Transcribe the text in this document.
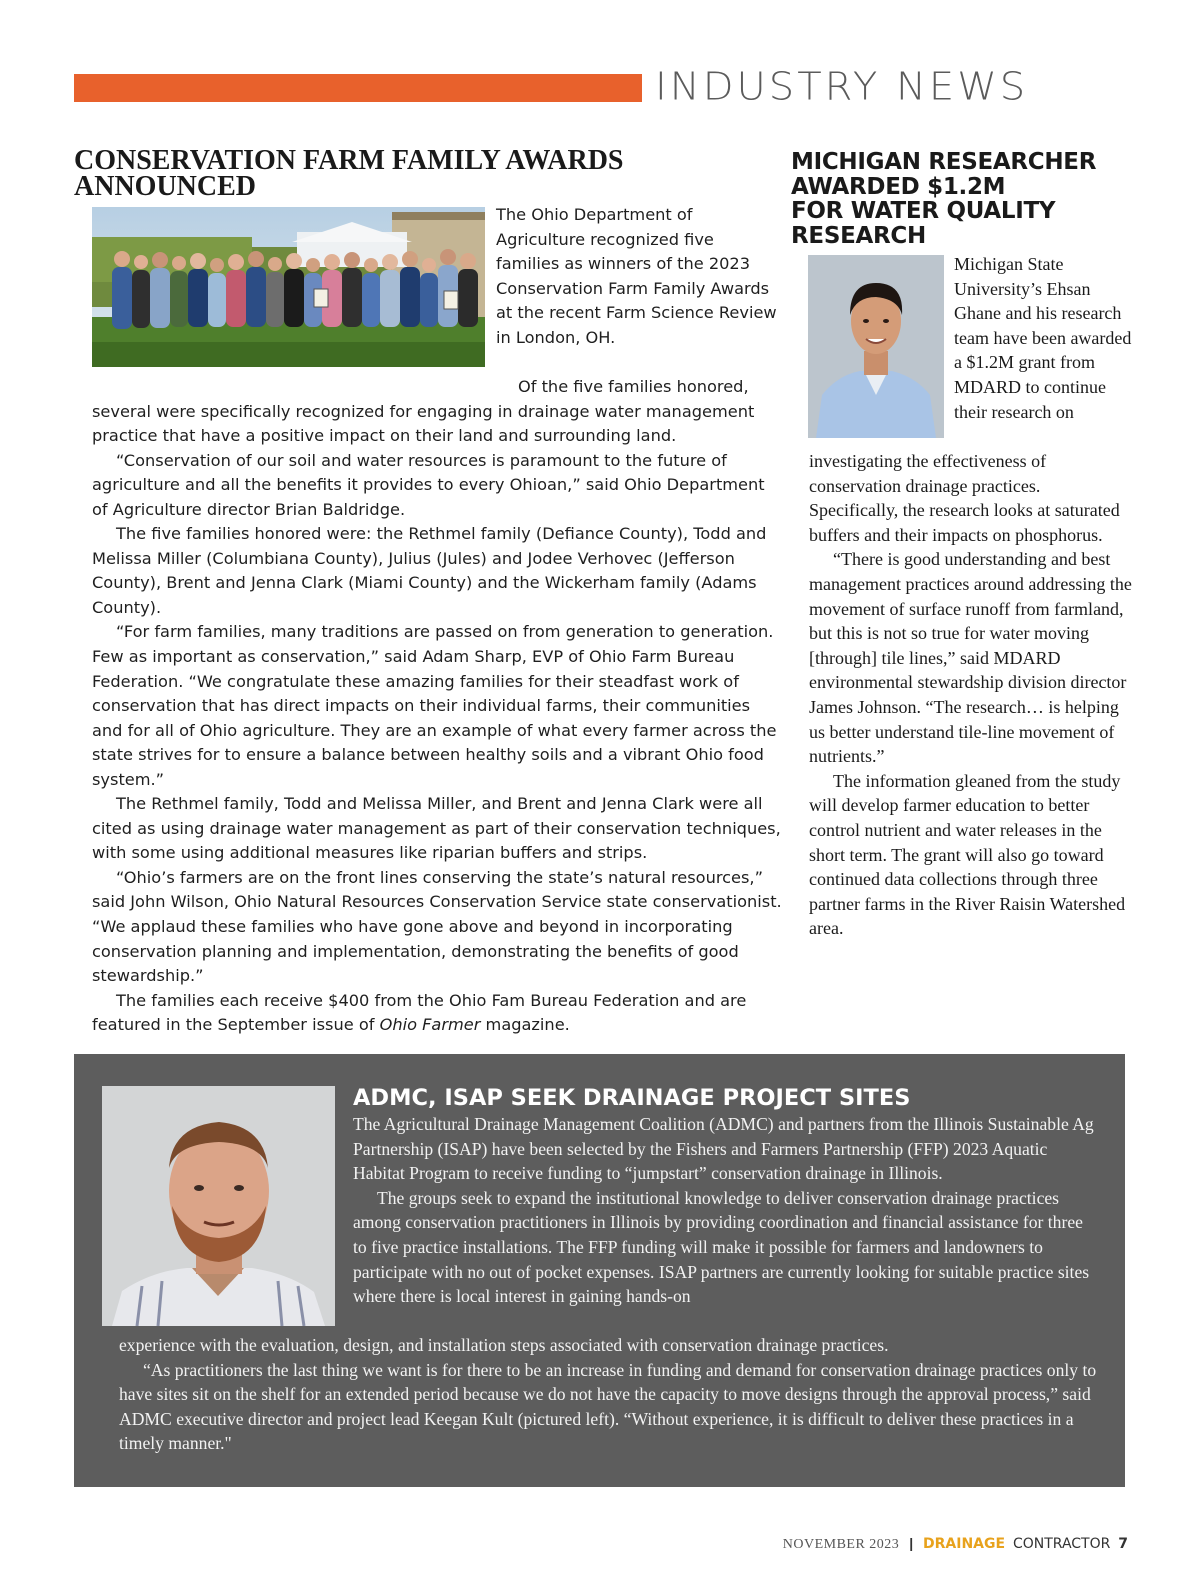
INDUSTRY NEWS
CONSERVATION FARM FAMILY AWARDS ANNOUNCED

The Ohio Department of Agriculture recognized five families as winners of the 2023 Conservation Farm Family Awards at the recent Farm Science Review in London, OH.

Of the five families honored, several were specifically recognized for engaging in drainage water management practice that have a positive impact on their land and surrounding land.

“Conservation of our soil and water resources is paramount to the future of agriculture and all the benefits it provides to every Ohioan,” said Ohio Department of Agriculture director Brian Baldridge.

The five families honored were: the Rethmel family (Defiance County), Todd and Melissa Miller (Columbiana County), Julius (Jules) and Jodee Verhovec (Jefferson County), Brent and Jenna Clark (Miami County) and the Wickerham family (Adams County).

“For farm families, many traditions are passed on from generation to generation. Few as important as conservation,” said Adam Sharp, EVP of Ohio Farm Bureau Federation. “We congratulate these amazing families for their steadfast work of conservation that has direct impacts on their individual farms, their communities and for all of Ohio agriculture. They are an example of what every farmer across the state strives for to ensure a balance between healthy soils and a vibrant Ohio food system.”

The Rethmel family, Todd and Melissa Miller, and Brent and Jenna Clark were all cited as using drainage water management as part of their conservation techniques, with some using additional measures like riparian buffers and strips.

“Ohio’s farmers are on the front lines conserving the state’s natural resources,” said John Wilson, Ohio Natural Resources Conservation Service state conservationist. “We applaud these families who have gone above and beyond in incorporating conservation planning and implementation, demonstrating the benefits of good stewardship.”

The families each receive $400 from the Ohio Fam Bureau Federation and are featured in the September issue of Ohio Farmer magazine.

MICHIGAN RESEARCHER
AWARDED $1.2M
FOR WATER QUALITY
RESEARCH

Michigan State University’s Ehsan Ghane and his research team have been awarded a $1.2M grant from MDARD to continue their research on

investigating the effectiveness of conservation drainage practices. Specifically, the research looks at saturated buffers and their impacts on phosphorus.

“There is good understanding and best management practices around addressing the movement of surface runoff from farmland, but this is not so true for water moving [through] tile lines,” said MDARD environmental stewardship division director James Johnson. “The research… is helping us better understand tile-line movement of nutrients.”

The information gleaned from the study will develop farmer education to better control nutrient and water releases in the short term. The grant will also go toward continued data collections through three partner farms in the River Raisin Watershed area.

ADMC, ISAP SEEK DRAINAGE PROJECT SITES

The Agricultural Drainage Management Coalition (ADMC) and partners from the Illinois Sustainable Ag Partnership (ISAP) have been selected by the Fishers and Farmers Partnership (FFP) 2023 Aquatic Habitat Program to receive funding to “jumpstart” conservation drainage in Illinois.

The groups seek to expand the institutional knowledge to deliver conservation drainage practices among conservation practitioners in Illinois by providing coordination and financial assistance for three to five practice installations. The FFP funding will make it possible for farmers and landowners to participate with no out of pocket expenses. ISAP partners are currently looking for suitable practice sites where there is local interest in gaining hands-on

experience with the evaluation, design, and installation steps associated with conservation drainage practices.

“As practitioners the last thing we want is for there to be an increase in funding and demand for conservation drainage practices only to have sites sit on the shelf for an extended period because we do not have the capacity to move designs through the approval process,” said ADMC executive director and project lead Keegan Kult (pictured left). “Without experience, it is difficult to deliver these practices in a timely manner."

NOVEMBER 2023 | DRAINAGE CONTRACTOR 7
